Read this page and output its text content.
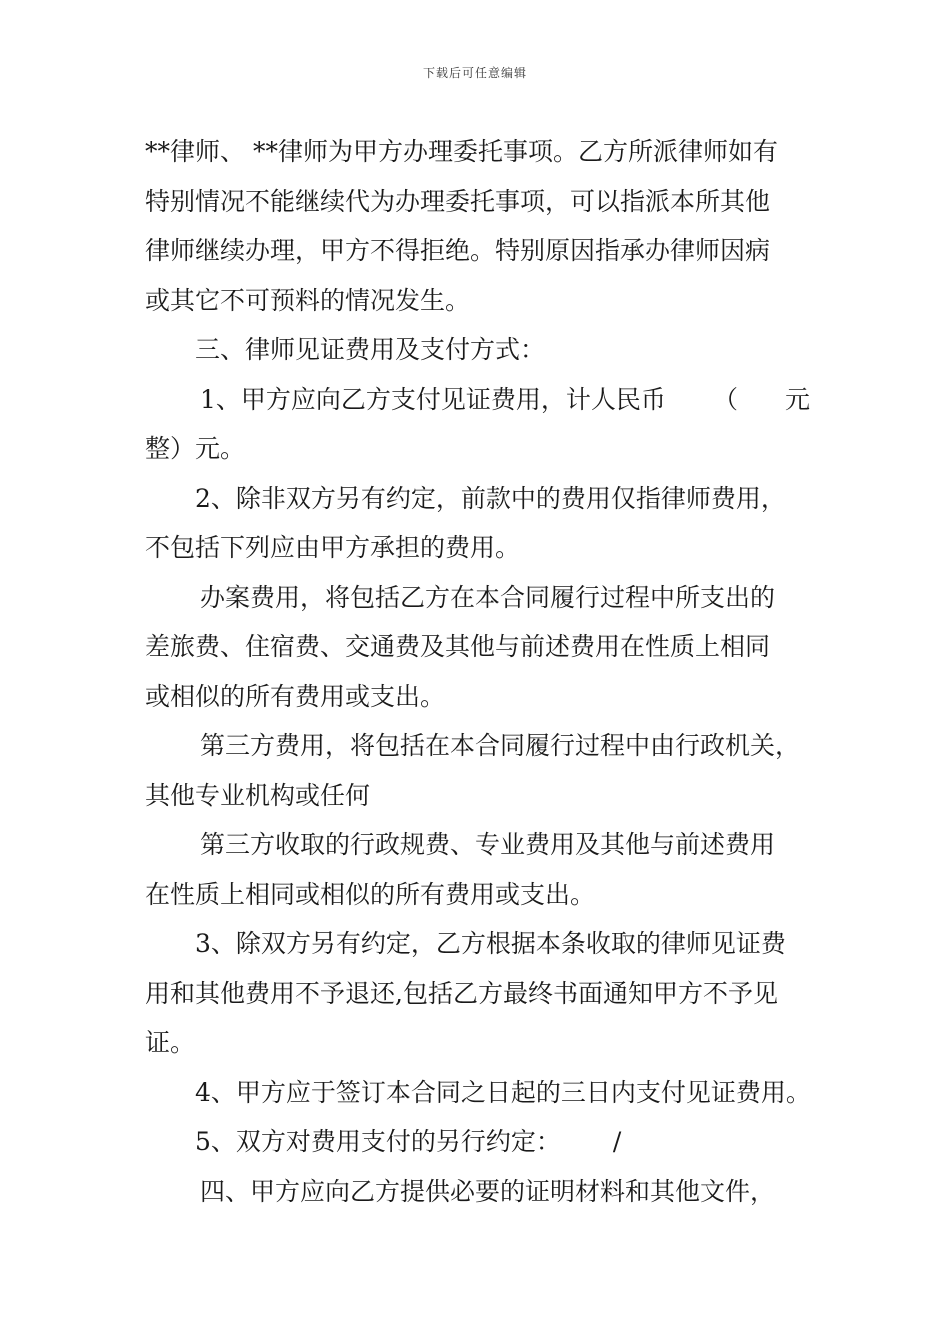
下载后可任意编辑
**律师、 **律师为甲方办理委托事项。乙方所派律师如有
特别情况不能继续代为办理委托事项，可以指派本所其他
律师继续办理，甲方不得拒绝。特别原因指承办律师因病
或其它不可预料的情况发生。
三、律师见证费用及支付方式：
1、甲方应向乙方支付见证费用，计人民币 （ 元
整）元。
2、除非双方另有约定，前款中的费用仅指律师费用，
不包括下列应由甲方承担的费用。
办案费用，将包括乙方在本合同履行过程中所支出的
差旅费、住宿费、交通费及其他与前述费用在性质上相同
或相似的所有费用或支出。
第三方费用，将包括在本合同履行过程中由行政机关，
其他专业机构或任何
第三方收取的行政规费、专业费用及其他与前述费用
在性质上相同或相似的所有费用或支出。
3、除双方另有约定，乙方根据本条收取的律师见证费
用和其他费用不予退还,包括乙方最终书面通知甲方不予见
证。
4、甲方应于签订本合同之日起的三日内支付见证费用。
5、双方对费用支付的另行约定： /
四、甲方应向乙方提供必要的证明材料和其他文件，
